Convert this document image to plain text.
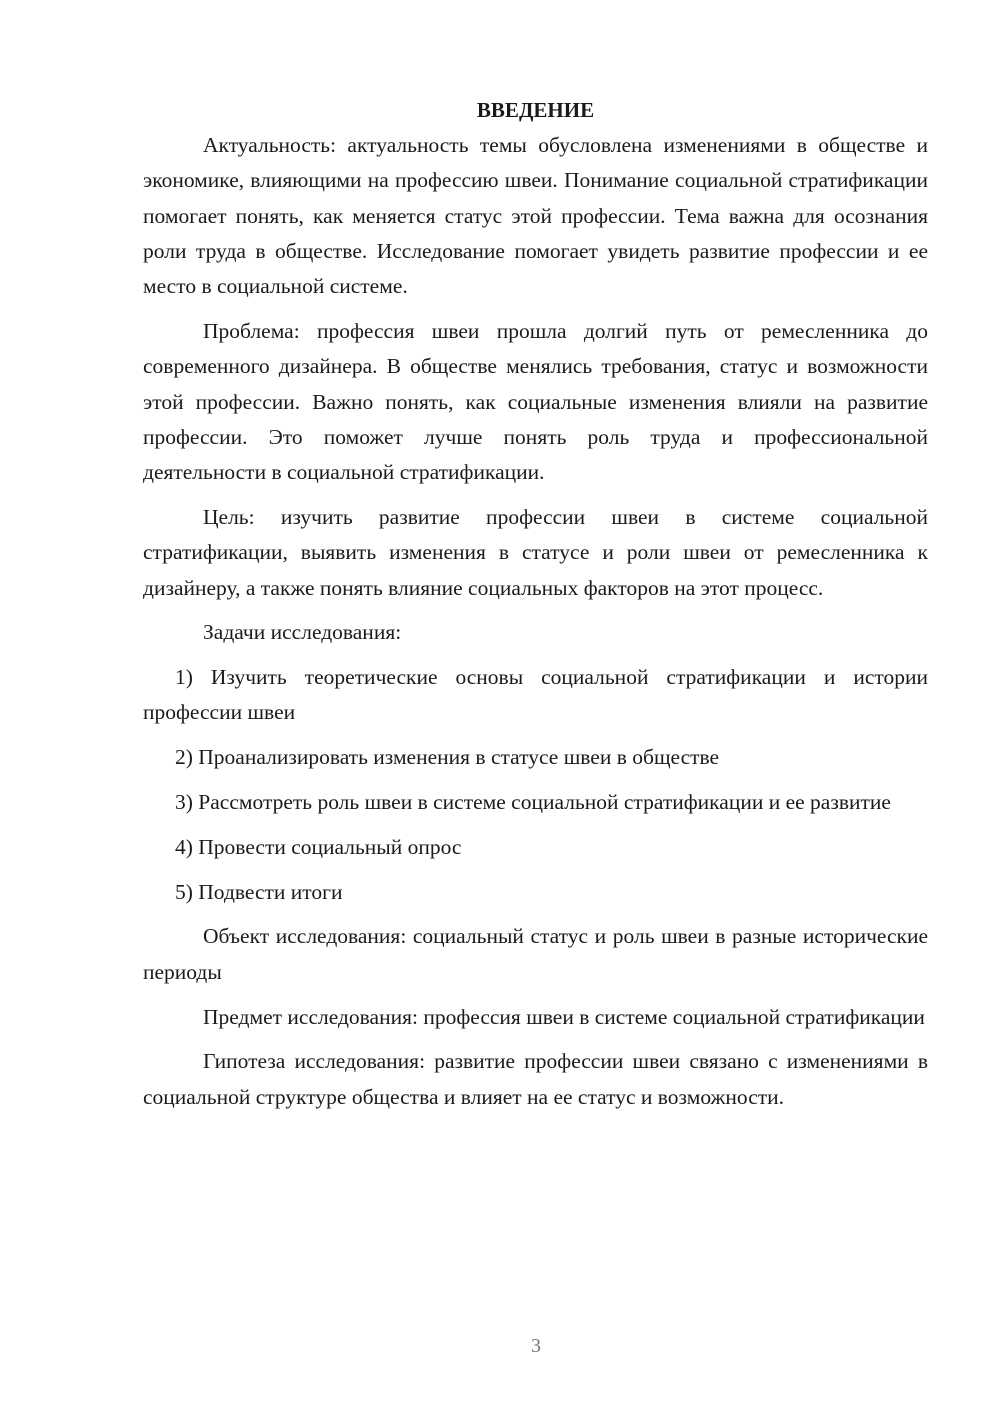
ВВЕДЕНИЕ

Актуальность: актуальность темы обусловлена изменениями в обществе и экономике, влияющими на профессию швеи. Понимание социальной стратификации помогает понять, как меняется статус этой профессии. Тема важна для осознания роли труда в обществе. Исследование помогает увидеть развитие профессии и ее место в социальной системе.

Проблема: профессия швеи прошла долгий путь от ремесленника до современного дизайнера. В обществе менялись требования, статус и возможности этой профессии. Важно понять, как социальные изменения влияли на развитие профессии. Это поможет лучше понять роль труда и профессиональной деятельности в социальной стратификации.

Цель: изучить развитие профессии швеи в системе социальной стратификации, выявить изменения в статусе и роли швеи от ремесленника к дизайнеру, а также понять влияние социальных факторов на этот процесс.

Задачи исследования:

1) Изучить теоретические основы социальной стратификации и истории профессии швеи

2) Проанализировать изменения в статусе швеи в обществе

3) Рассмотреть роль швеи в системе социальной стратификации и ее развитие

4) Провести социальный опрос

5) Подвести итоги

Объект исследования: социальный статус и роль швеи в разные исторические периоды

Предмет исследования: профессия швеи в системе социальной стратификации

Гипотеза исследования: развитие профессии швеи связано с изменениями в социальной структуре общества и влияет на ее статус и возможности.

3
